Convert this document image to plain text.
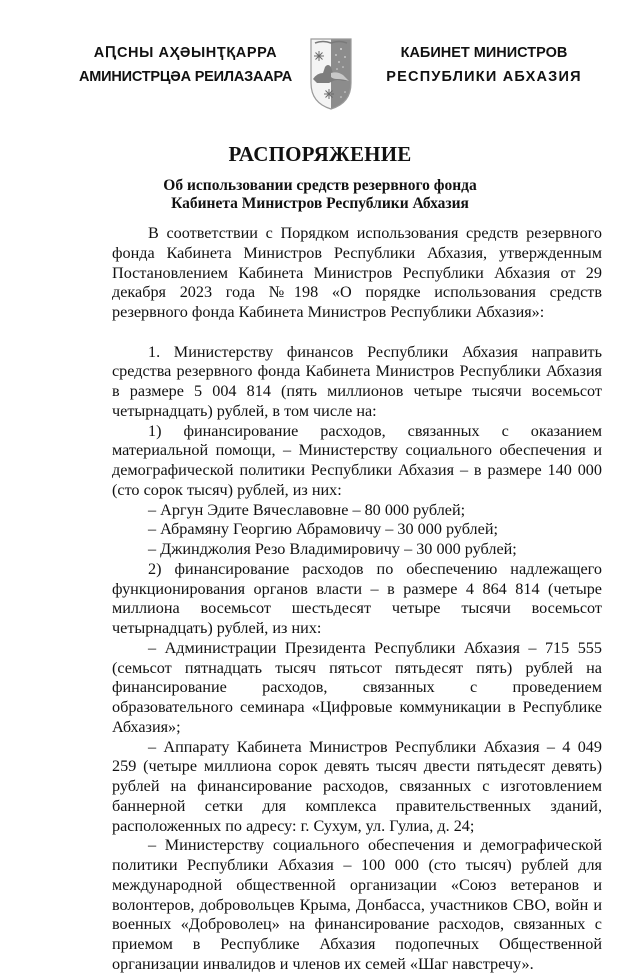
АԤСНЫ АҲӘЫНҬҚАРРА
АМИНИСТРЦӘА РЕИЛАЗААРА
КАБИНЕТ МИНИСТРОВ
РЕСПУБЛИКИ АБХАЗИЯ
РАСПОРЯЖЕНИЕ
Об использовании средств резервного фонда
Кабинета Министров Республики Абхазия

В соответствии с Порядком использования средств резервного фонда Кабинета Министров Республики Абхазия, утвержденным Постановлением Кабинета Министров Республики Абхазия от 29 декабря 2023 года №198 «О порядке использования средств резервного фонда Кабинета Министров Республики Абхазия»:

1. Министерству финансов Республики Абхазия направить средства резервного фонда Кабинета Министров Республики Абхазия в размере 5 004 814 (пять миллионов четыре тысячи восемьсот четырнадцать) рублей, в том числе на:

1) финансирование расходов, связанных с оказанием материальной помощи, – Министерству социального обеспечения и демографической политики Республики Абхазия – в размере 140 000 (сто сорок тысяч) рублей, из них:

– Аргун Эдите Вячеславовне – 80 000 рублей;

– Абрамяну Георгию Абрамовичу – 30 000 рублей;

– Джинджолия Резо Владимировичу – 30 000 рублей;

2) финансирование расходов по обеспечению надлежащего функционирования органов власти – в размере 4 864 814 (четыре миллиона восемьсот шестьдесят четыре тысячи восемьсот четырнадцать) рублей, из них:

– Администрации Президента Республики Абхазия – 715 555 (семьсот пятнадцать тысяч пятьсот пятьдесят пять) рублей на финансирование расходов, связанных с проведением образовательного семинара «Цифровые коммуникации в Республике Абхазия»;

– Аппарату Кабинета Министров Республики Абхазия – 4 049 259 (четыре миллиона сорок девять тысяч двести пятьдесят девять) рублей на финансирование расходов, связанных с изготовлением баннерной сетки для комплекса правительственных зданий, расположенных по адресу: г. Сухум, ул. Гулиа, д. 24;

– Министерству социального обеспечения и демографической политики Республики Абхазия – 100 000 (сто тысяч) рублей для международной общественной организации «Союз ветеранов и волонтеров, добровольцев Крыма, Донбасса, участников СВО, войн и военных «Доброволец» на финансирование расходов, связанных с приемом в Республике Абхазия подопечных Общественной организации инвалидов и членов их семей «Шаг навстречу».
